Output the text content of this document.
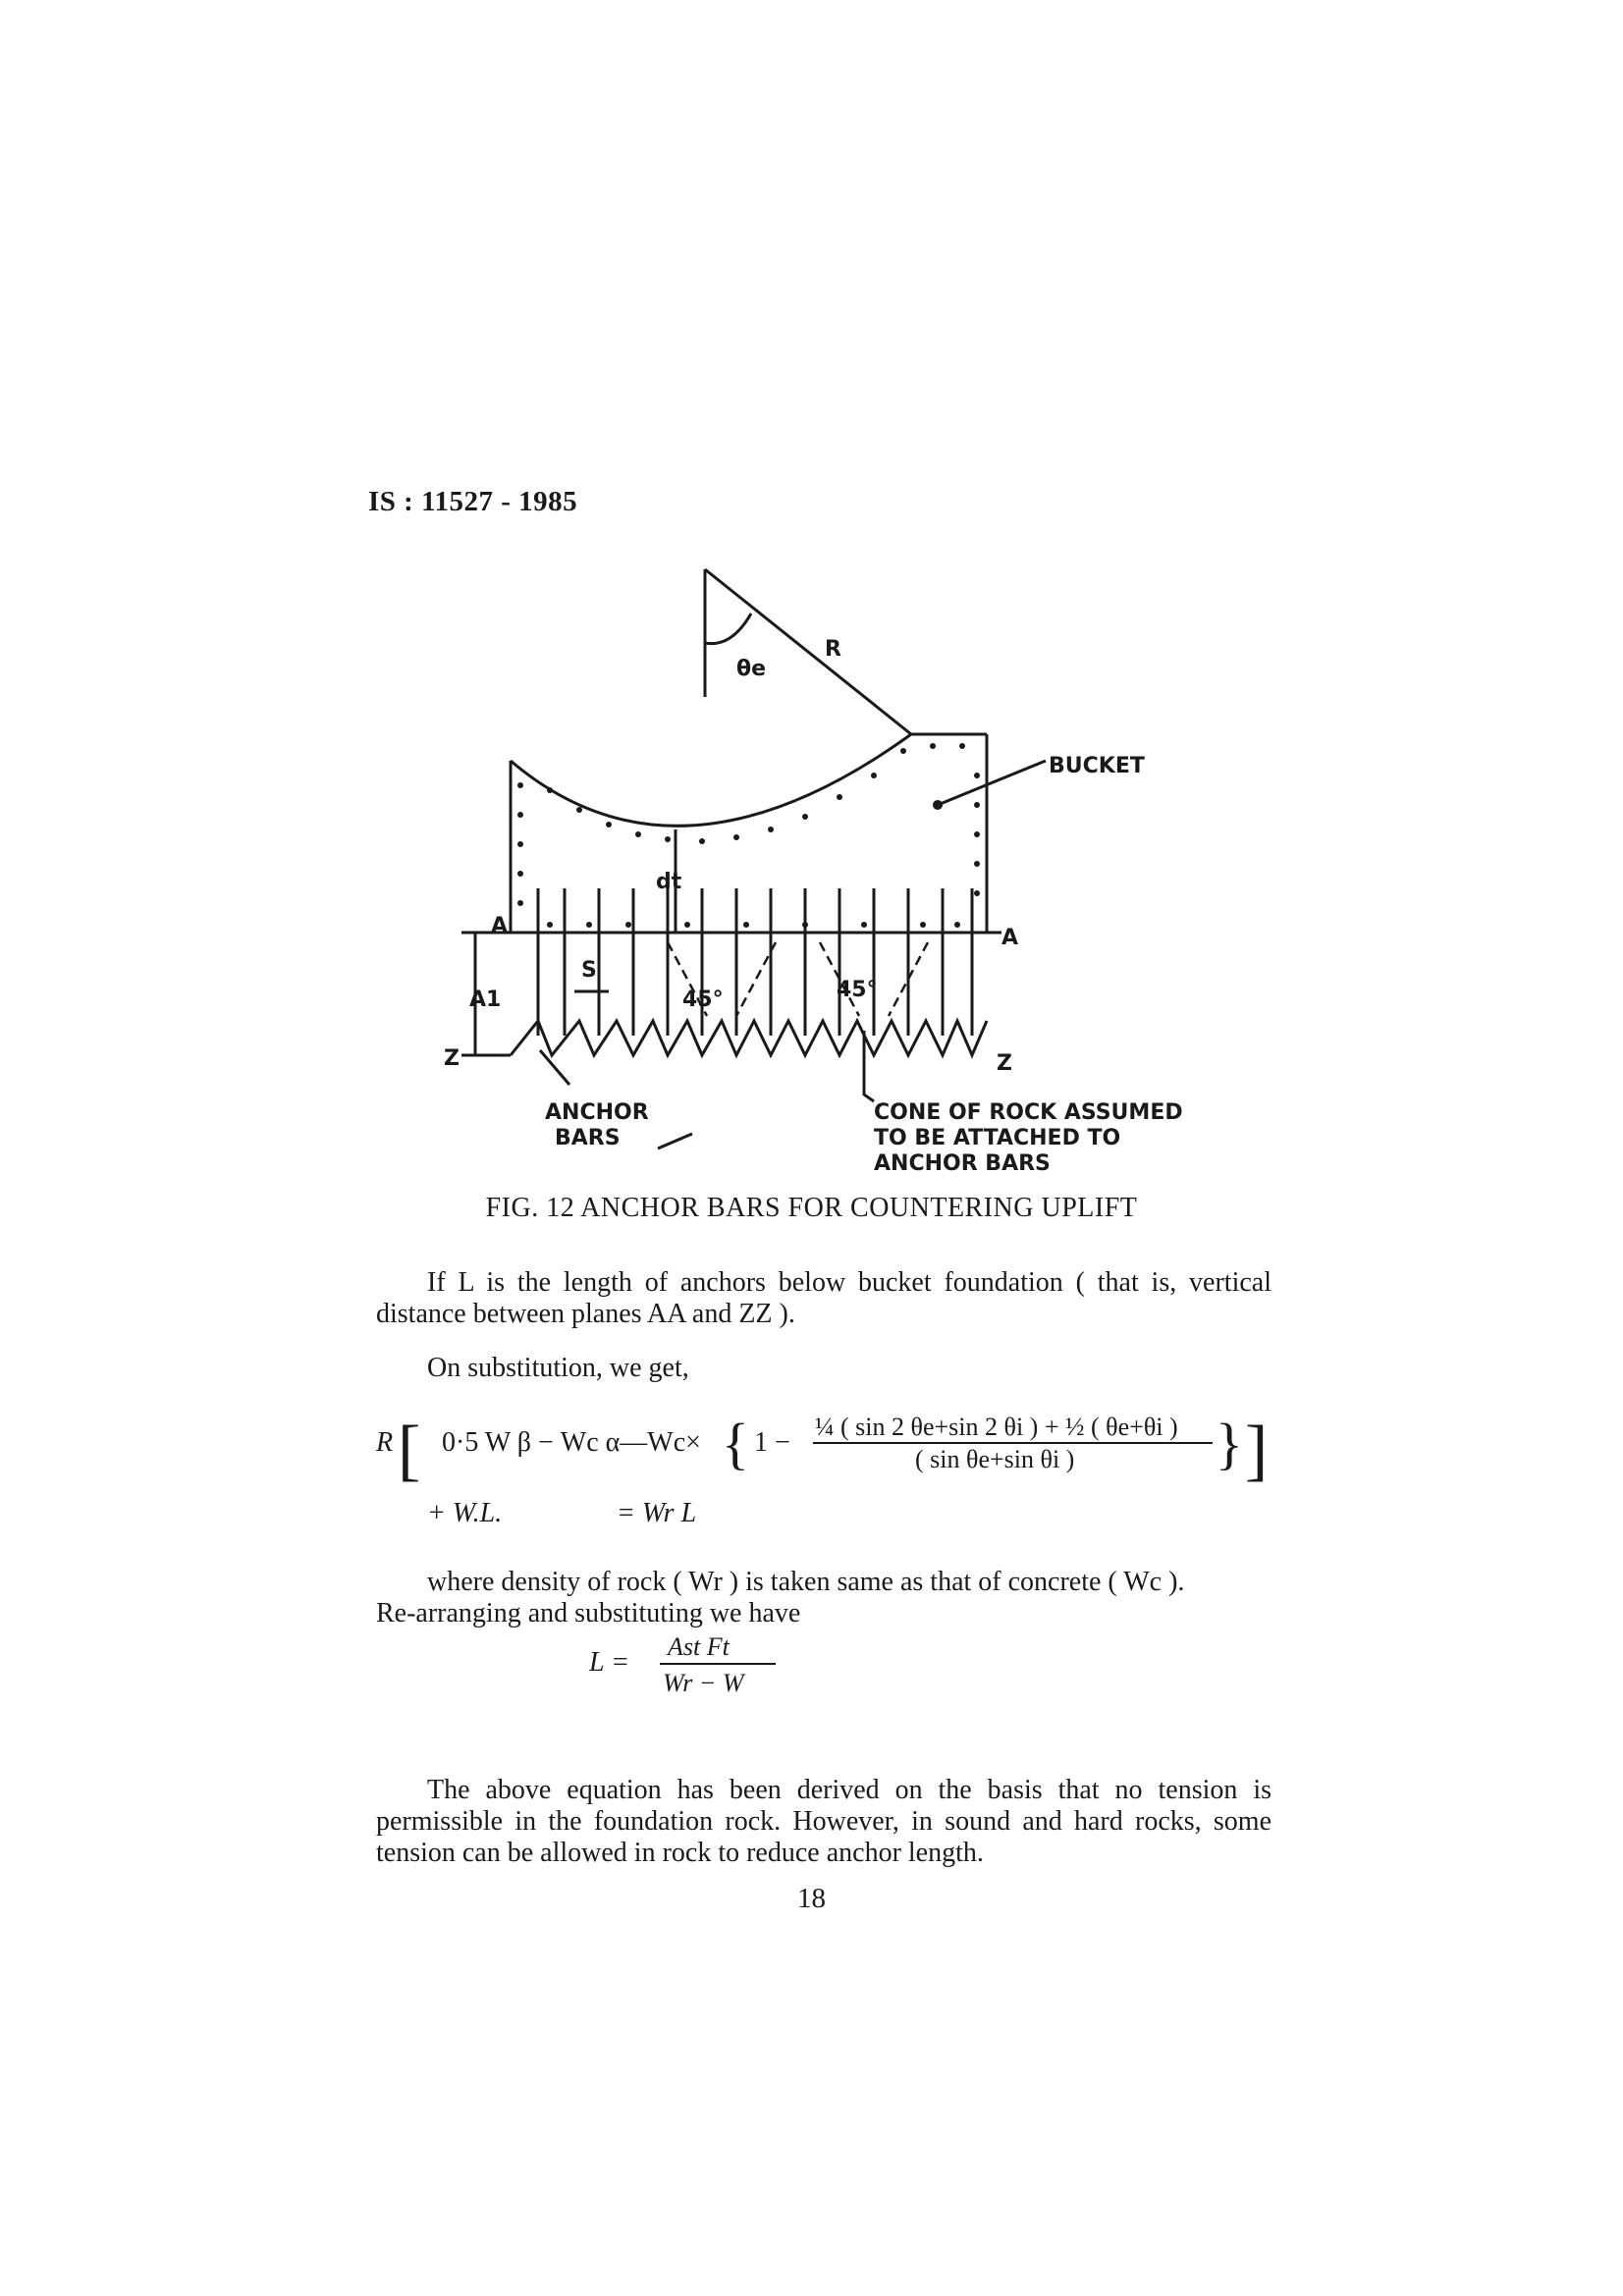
IS : 11527 - 1985
θe
R
BUCKET
dt
A	A
S
45°	45°
A1
Z	Z
ANCHOR
BARS
CONE OF ROCK ASSUMED
TO BE ATTACHED TO
ANCHOR BARS
FIG. 12 ANCHOR BARS FOR COUNTERING UPLIFT
If L is the length of anchors below bucket foundation ( that is, vertical distance between planes AA and ZZ ).
On substitution, we get,
R [ 0·5 W β − Wc α—Wc× { 1 −
¼ ( sin 2 θe+sin 2 θi ) + ½ ( θe+θi )
( sin θe+sin θi ) } ]
+ W.L.	= Wr L
where density of rock ( Wr ) is taken same as that of concrete ( Wc ).
Re-arranging and substituting we have
L =
Ast Ft
Wr − W
The above equation has been derived on the basis that no tension is permissible in the foundation rock. However, in sound and hard rocks, some tension can be allowed in rock to reduce anchor length.
18
